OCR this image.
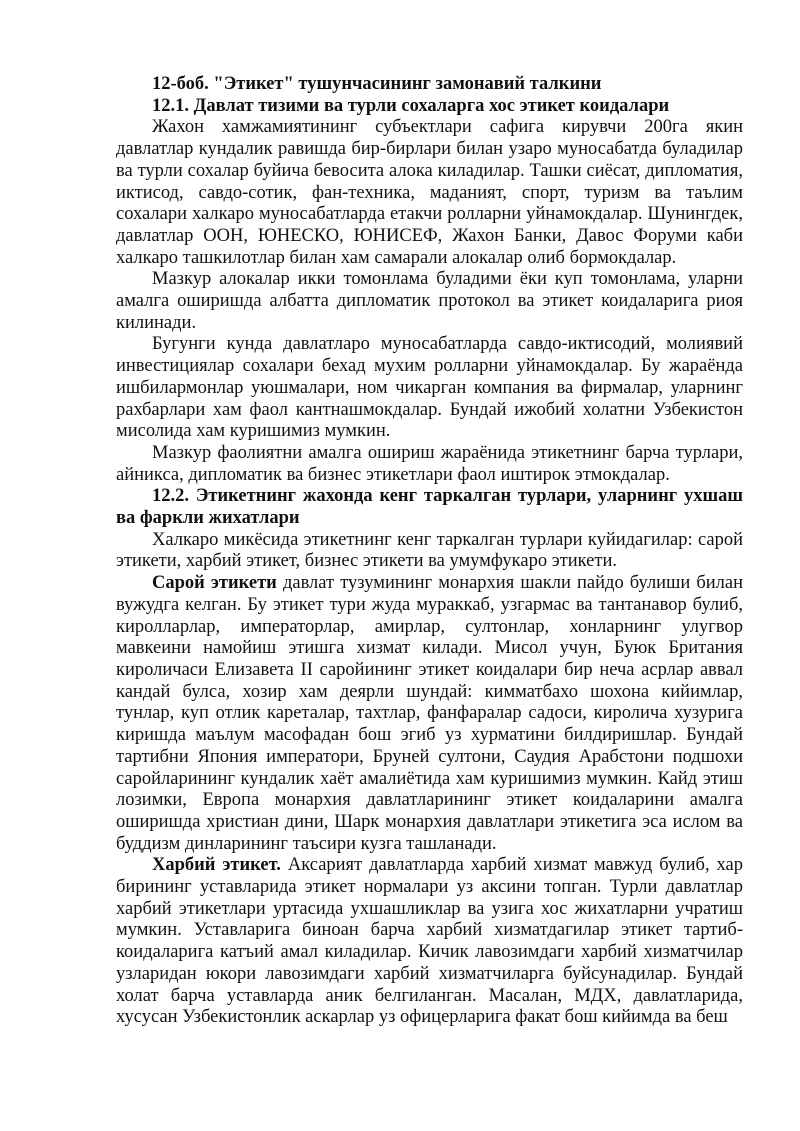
12-боб. "Этикет" тушунчасининг замонавий талкини

12.1. Давлат тизими ва турли сохаларга хос этикет коидалари

Жахон хамжамиятининг субъектлари сафига кирувчи 200га якин давлатлар кундалик равишда бир-бирлари билан узаро муносабатда буладилар ва турли сохалар буйича бевосита алока киладилар. Ташки сиёсат, дипломатия, иктисод, савдо-сотик, фан-техника, маданият, спорт, туризм ва таълим сохалари халкаро муносабатларда етакчи ролларни уйнамокдалар. Шунингдек, давлатлар ООН, ЮНЕСКО, ЮНИСЕФ, Жахон Банки, Давос Форуми каби халкаро ташкилотлар билан хам самарали алокалар олиб бормокдалар.

Мазкур алокалар икки томонлама буладими ёки куп томонлама, уларни амалга оширишда албатта дипломатик протокол ва этикет коидаларига риоя килинади.

Бугунги кунда давлатларо муносабатларда савдо-иктисодий, молиявий инвестициялар сохалари бехад мухим ролларни уйнамокдалар. Бу жараёнда ишбилармонлар уюшмалари, ном чикарган компания ва фирмалар, уларнинг рахбарлари хам фаол кантнашмокдалар. Бундай ижобий холатни Узбекистон мисолида хам куришимиз мумкин.

Мазкур фаолиятни амалга ошириш жараёнида этикетнинг барча турлари, айникса, дипломатик ва бизнес этикетлари фаол иштирок этмокдалар.

12.2. Этикетнинг жахонда кенг таркалган турлари, уларнинг ухшаш ва фаркли жихатлари

Халкаро микёсида этикетнинг кенг таркалган турлари куйидагилар: сарой этикети, харбий этикет, бизнес этикети ва умумфукаро этикети.

Сарой этикети давлат тузумининг монархия шакли пайдо булиши билан вужудга келган. Бу этикет тури жуда мураккаб, узгармас ва тантанавор булиб, киролларлар, императорлар, амирлар, султонлар, хонларнинг улугвор мавкеини намойиш этишга хизмат килади. Мисол учун, Буюк Британия кироличаси Елизавета II саройининг этикет коидалари бир неча асрлар аввал кандай булса, хозир хам деярли шундай: кимматбахо шохона кийимлар, тунлар, куп отлик кареталар, тахтлар, фанфаралар садоси, киролича хузурига киришда маълум масофадан бош эгиб уз хурматини билдиришлар. Бундай тартибни Япония императори, Бруней султони, Саудия Арабстони подшохи саройларининг кундалик хаёт амалиётида хам куришимиз мумкин. Кайд этиш лозимки, Европа монархия давлатларининг этикет коидаларини амалга оширишда христиан дини, Шарк монархия давлатлари этикетига эса ислом ва буддизм динларининг таъсири кузга ташланади.

Харбий этикет. Аксарият давлатларда харбий хизмат мавжуд булиб, хар бирининг уставларида этикет нормалари уз аксини топган. Турли давлатлар харбий этикетлари уртасида ухшашликлар ва узига хос жихатларни учратиш мумкин. Уставларига биноан барча харбий хизматдагилар этикет тартиб-коидаларига катъий амал киладилар. Кичик лавозимдаги харбий хизматчилар узларидан юкори лавозимдаги харбий хизматчиларга буйсунадилар. Бундай холат барча уставларда аник белгиланган. Масалан, МДХ, давлатларида, хусусан Узбекистонлик аскарлар уз офицерларига факат бош кийимда ва беш
